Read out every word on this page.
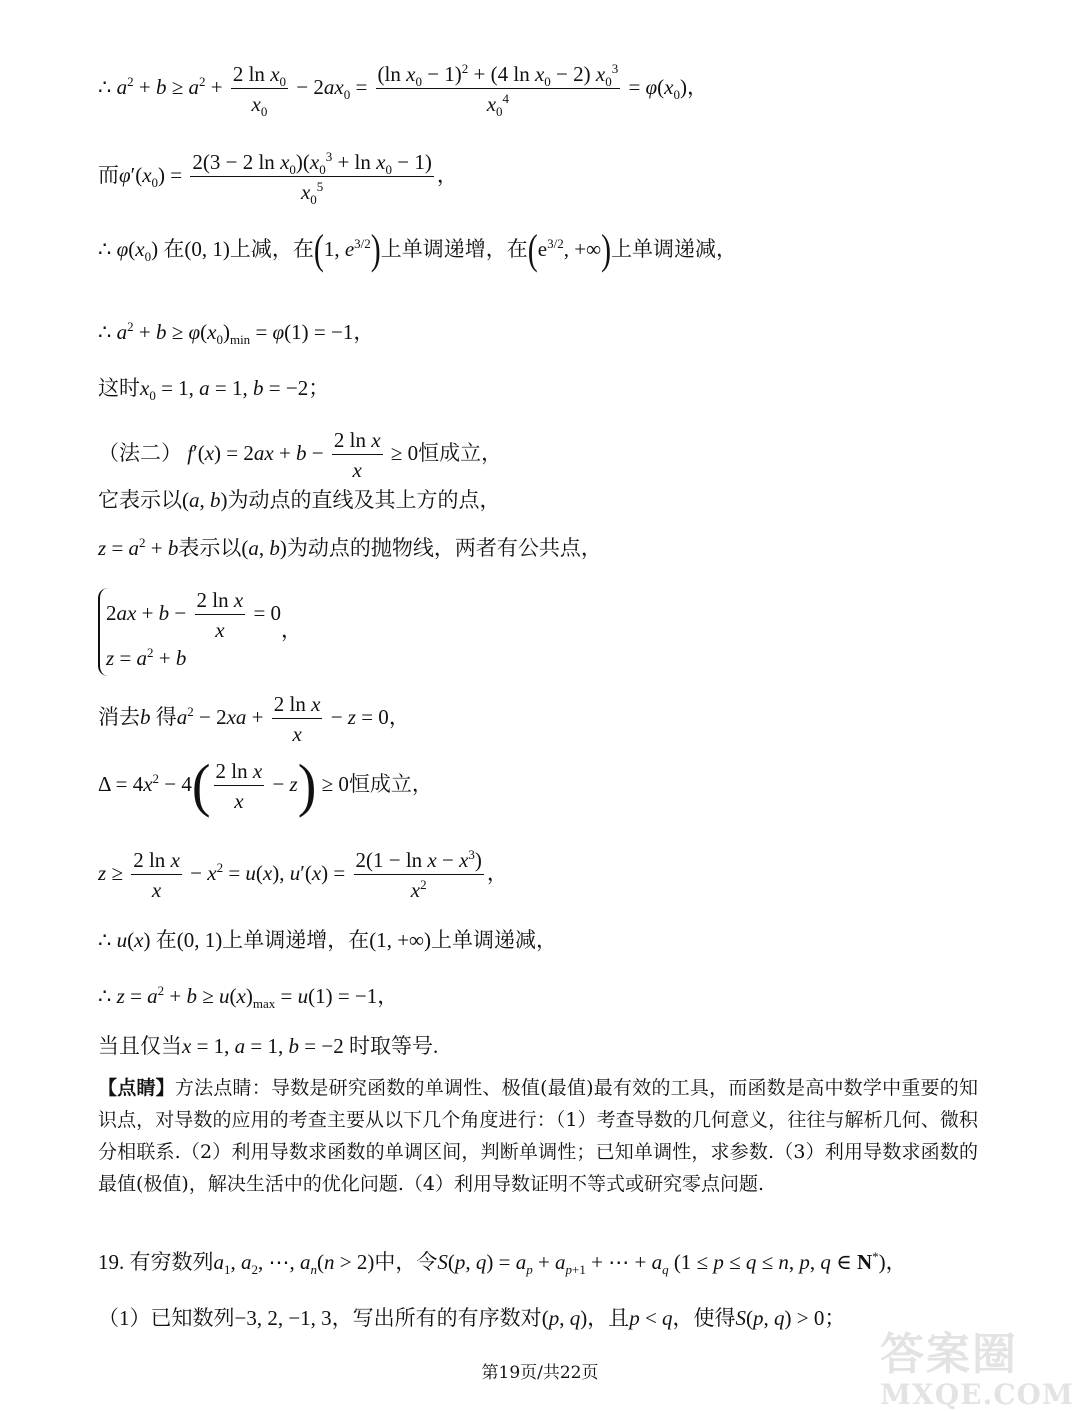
∴ $a^2 + b \ge a^2 + \frac{2 \ln x_0}{x_0} - 2ax_0 = \frac{(\ln x_0 - 1)^2 + (4 \ln x_0 - 2) x_0^3}{x_0^4} = \varphi(x_0)$，
而$\varphi'(x_0) = \frac{2(3 - 2 \ln x_0)(x_0^3 + \ln x_0 - 1)}{x_0^5}$ ，
∴ $\varphi(x_0)$ 在(0, 1)上减，在(1, $e^{3/2}$)上单调递增，在($e^{3/2}$, +∞)上单调递减，
∴ $a^2 + b \ge \varphi(x_0)_{min} = \varphi(1) = -1$，
这时$x_0 = 1$, a = 1, b = −2；
（法二） $f'(x) = 2ax + b - \frac{\text{2 ln x}}{x} \ge 0$恒成立，
它表示以(a, b)为动点的直线及其上方的点，
$z = a^2 + b$表示以(a, b)为动点的抛物线，两者有公共点，
$2ax + b - \frac{\text{2 ln x}}{x} = 0$
$z = a^2 + b$
，
消去b 得$a^2 - 2xa + \frac{\text{2 ln x}}{x} - z = 0$，
$\Delta = 4x^2 - 4( \frac{\text{2 ln x}}{x} - z) \ge 0$恒成立，
$z \ge \frac{\text{2 ln x}}{x} - x^2 = u(x)$, $u'(x) = \frac{2(1 - \ln x - x^3)}{x^2}$ ，
∴ u(x) 在(0, 1)上单调递增，在(1, +∞)上单调递减，
∴ $z = a^2 + b \ge u(x)_{max} = u(1) = -1$，
当且仅当x = 1, a = 1, b = −2 时取等号.
【点睛】方法点睛：导数是研究函数的单调性、极值(最值)最有效的工具，而函数是高中数学中重要的知识点，对导数的应用的考查主要从以下几个角度进行：（1）考查导数的几何意义，往往与解析几何、微积分相联系.（2）利用导数求函数的单调区间，判断单调性；已知单调性，求参数.（3）利用导数求函数的最值(极值)，解决生活中的优化问题.（4）利用导数证明不等式或研究零点问题.
19. 有穷数列$a_1$, $a_2$, ⋯, $a_n(n > 2)$中，令S(p, $q) = a_p + a_{p+1}$ + ⋯ + $a_q$ (1 ≤ p ≤ q ≤ n, p, q ∈ N*)，
（1）已知数列−3, 2, −1, 3，写出所有的有序数对(p, q)，且p < q，使得S(p, q) > 0；
第19页/共22页	答案圈
MXQE.COM
